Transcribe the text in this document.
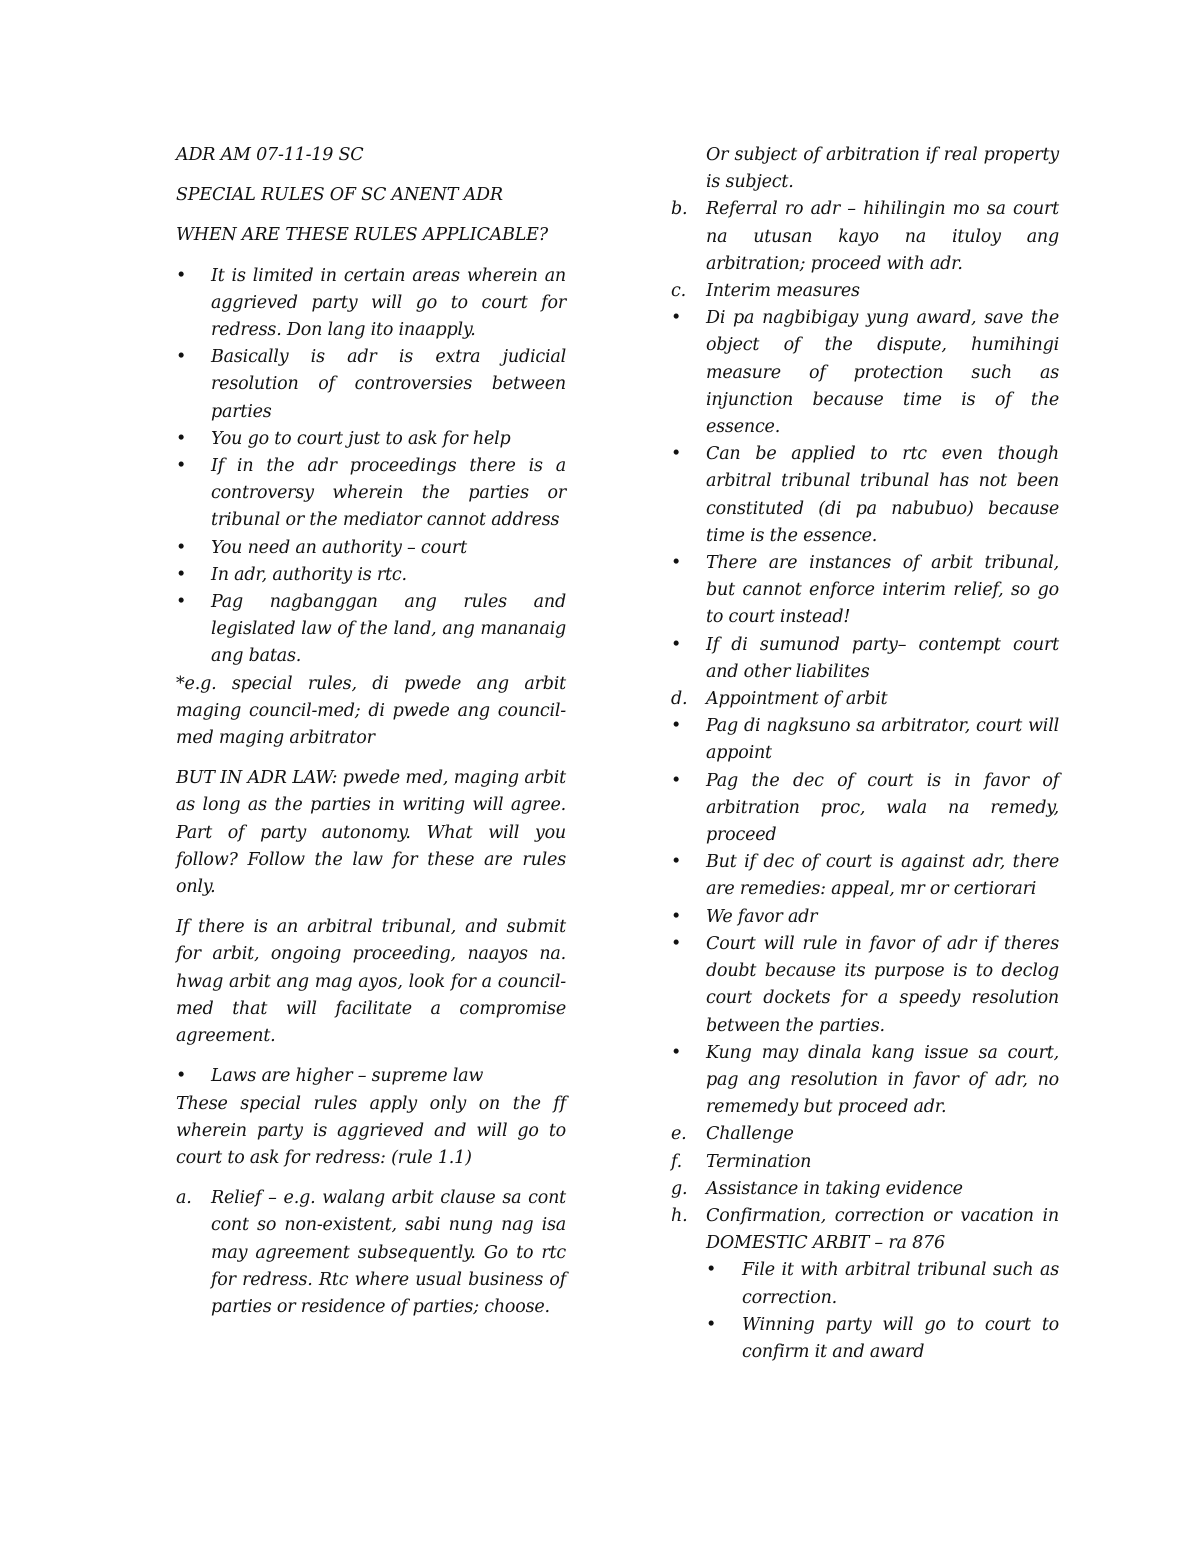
ADR AM 07-11-19 SC

SPECIAL RULES OF SC ANENT ADR

WHEN ARE THESE RULES APPLICABLE?

• It is limited in certain areas wherein an aggrieved party will go to court for redress. Don lang ito inaapply.
• Basically is adr is extra judicial resolution of controversies between parties
• You go to court just to ask for help
• If in the adr proceedings there is a controversy wherein the parties or tribunal or the mediator cannot address
• You need an authority – court
• In adr, authority is rtc.
• Pag nagbanggan ang rules and legislated law of the land, ang mananaig ang batas.

*e.g. special rules, di pwede ang arbit maging council-med; di pwede ang council-med maging arbitrator

BUT IN ADR LAW: pwede med, maging arbit as long as the parties in writing will agree. Part of party autonomy. What will you follow? Follow the law for these are rules only.

If there is an arbitral tribunal, and submit for arbit, ongoing proceeding, naayos na. hwag arbit ang mag ayos, look for a council-med that will facilitate a compromise agreement.

• Laws are higher – supreme law

These special rules apply only on the ff wherein party is aggrieved and will go to court to ask for redress: (rule 1.1)

a. Relief – e.g. walang arbit clause sa cont cont so non-existent, sabi nung nag isa may agreement subsequently. Go to rtc for redress. Rtc where usual business of parties or residence of parties; choose.

Or subject of arbitration if real property is subject.

b. Referral ro adr – hihilingin mo sa court na utusan kayo na ituloy ang arbitration; proceed with adr.
c. Interim measures
• Di pa nagbibigay yung award, save the object of the dispute, humihingi measure of protection such as injunction because time is of the essence.
• Can be applied to rtc even though arbitral tribunal tribunal has not been constituted (di pa nabubuo) because time is the essence.
• There are instances of arbit tribunal, but cannot enforce interim relief, so go to court instead!
• If di sumunod party– contempt court and other liabilites
d. Appointment of arbit
• Pag di nagksuno sa arbitrator, court will appoint
• Pag the dec of court is in favor of arbitration proc, wala na remedy, proceed
• But if dec of court is against adr, there are remedies: appeal, mr or certiorari
• We favor adr
• Court will rule in favor of adr if theres doubt because its purpose is to declog court dockets for a speedy resolution between the parties.
• Kung may dinala kang issue sa court, pag ang resolution in favor of adr, no rememedy but proceed adr.
e. Challenge
f. Termination
g. Assistance in taking evidence
h. Confirmation, correction or vacation in DOMESTIC ARBIT – ra 876
• File it with arbitral tribunal such as correction.
• Winning party will go to court to confirm it and award
